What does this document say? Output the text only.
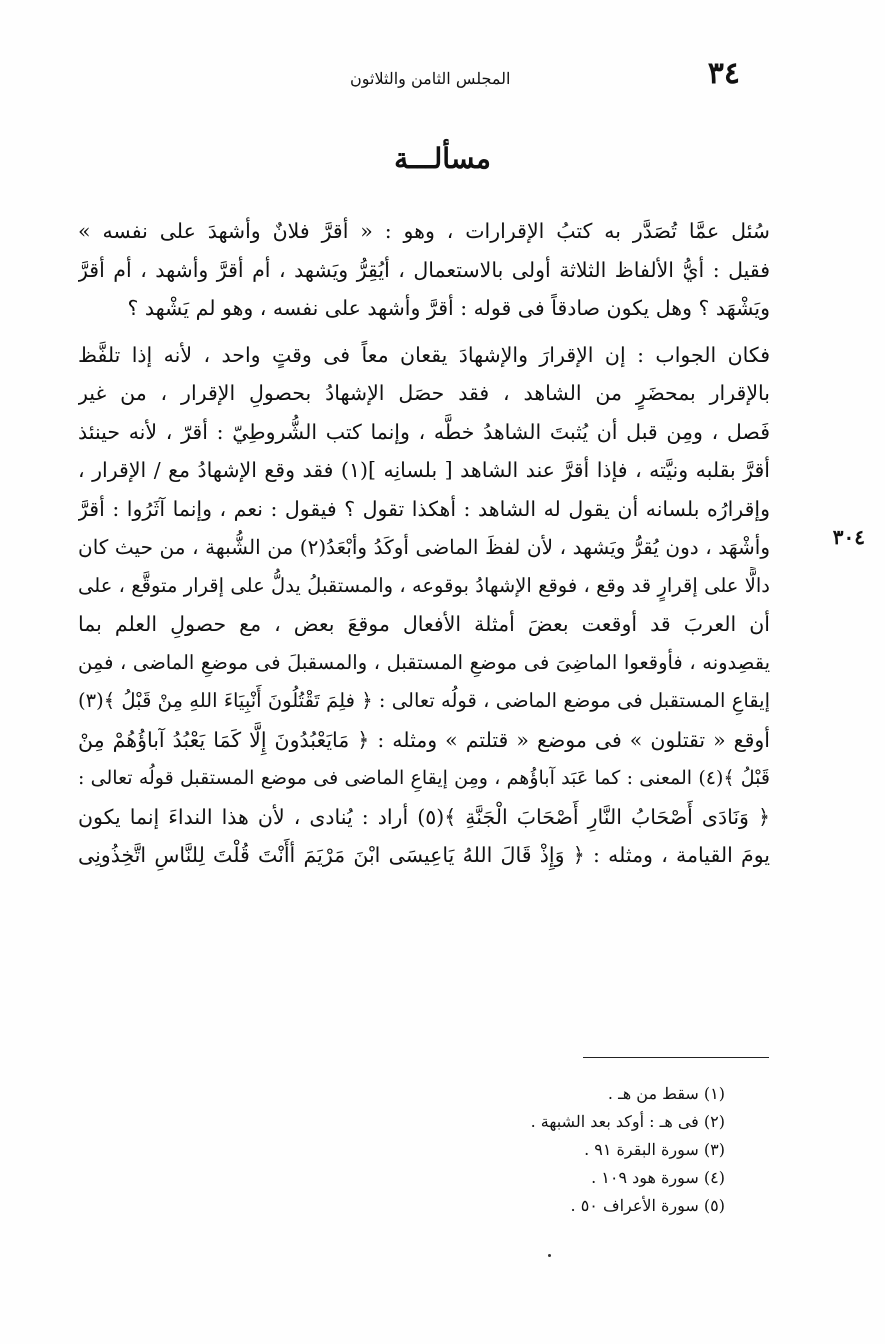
٣٤
المجلس الثامن والثلاثون
مسألـــة
٣٠٤
سُئل عمَّا تُصَدَّر به كتبُ الإقرارات ، وهو : « أقرَّ فلانٌ وأشهدَ على نفسه »
فقيل : أيُّ الألفاظ الثلاثة أولى بالاستعمال ، أيُقِرُّ ويَشهد ، أم أقرَّ وأشهد ، أم أقرَّ
ويَشْهَد ؟ وهل يكون صادقاً فى قوله : أقرَّ وأشهد على نفسه ، وهو لم يَشْهد ؟
فكان الجواب : إن الإقرارَ والإشهادَ يقعان معاً فى وقتٍ واحد ، لأنه إذا تلفَّظ
بالإقرار بمحضَرٍ من الشاهد ، فقد حصَل الإشهادُ بحصولِ الإقرار ، من غير
فَصل ، ومِن قبل أن يُثبتَ الشاهدُ خطَّه ، وإنما كتب الشُّروطِيّ : أقرّ ، لأنه حينئذ
أقرَّ بقلبه ونيَّته ، فإذا أقرَّ عند الشاهد [ بلسانِه ](١) فقد وقع الإشهادُ مع / الإقرار ،
وإقرارُه بلسانه أن يقول له الشاهد : أهكذا تقول ؟ فيقول : نعم ، وإنما آثَرُوا : أقرَّ
وأشْهَد ، دون يُقرُّ ويَشهد ، لأن لفظَ الماضى أوكَدُ وأبْعَدُ(٢) من الشُّبهة ، من حيث كان
دالًّا على إقرارٍ قد وقع ، فوقع الإشهادُ بوقوعه ، والمستقبلُ يدلُّ على إقرار متوقَّع ، على
أن العربَ قد أوقعت بعضَ أمثلة الأفعال موقعَ بعض ، مع حصولِ العلم بما
يقصِدونه ، فأوقعوا الماضِىَ فى موضعِ المستقبل ، والمسقبلَ فى موضعِ الماضى ، فمِن
إيقاعِ المستقبل فى موضع الماضى ، قولُه تعالى : ﴿ فلِمَ تَقْتُلُونَ أَنْبِيَاءَ اللهِ مِنْ قَبْلُ ﴾(٣)
أوقع « تقتلون » فى موضع « قتلتم » ومثله : ﴿ مَايَعْبُدُونَ إِلَّا كَمَا يَعْبُدُ آباؤُهُمْ مِنْ
قَبْلُ ﴾(٤) المعنى : كما عَبَد آباؤُهم ، ومِن إيقاعِ الماضى فى موضع المستقبل قولُه تعالى :
﴿ وَنَادَى أَصْحَابُ النَّارِ أَصْحَابَ الْجَنَّةِ ﴾(٥) أراد : يُنادى ، لأن هذا النداءَ إنما يكون
يومَ القيامة ، ومثله : ﴿ وَإِذْ قَالَ اللهُ يَاعِيسَى ابْنَ مَرْيَمَ أأَنْتَ قُلْتَ لِلنَّاسِ اتَّخِذُونِى
(١) سقط من هـ .
(٢) فى هـ : أوكد بعد الشبهة .
(٣) سورة البقرة ٩١ .
(٤) سورة هود ١٠٩ .
(٥) سورة الأعراف ٥٠ .
